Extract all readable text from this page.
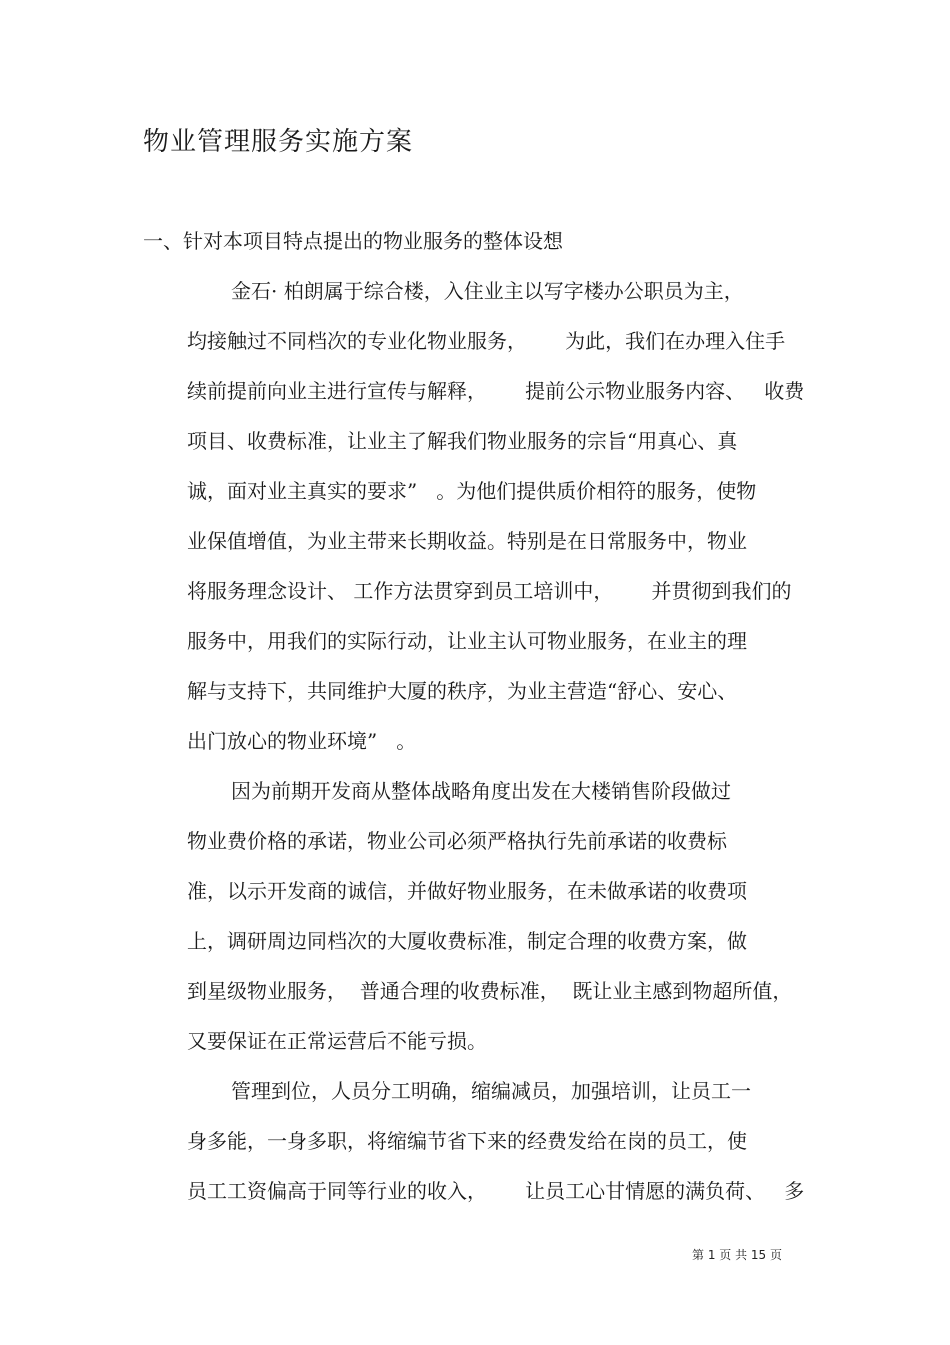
物业管理服务实施方案
一、针对本项目特点提出的物业服务的整体设想
金石· 柏朗属于综合楼，入住业主以写字楼办公职员为主，
均接触过不同档次的专业化物业服务，      为此，我们在办理入住手
续前提前向业主进行宣传与解释，      提前公示物业服务内容、   收费
项目、收费标准，让业主了解我们物业服务的宗旨“用真心、真
诚，面对业主真实的要求”   。为他们提供质价相符的服务，使物
业保值增值，为业主带来长期收益。特别是在日常服务中，物业
将服务理念设计、 工作方法贯穿到员工培训中，      并贯彻到我们的
服务中，用我们的实际行动，让业主认可物业服务，在业主的理
解与支持下，共同维护大厦的秩序，为业主营造“舒心、安心、
出门放心的物业环境”   。
因为前期开发商从整体战略角度出发在大楼销售阶段做过
物业费价格的承诺，物业公司必须严格执行先前承诺的收费标
准，以示开发商的诚信，并做好物业服务，在未做承诺的收费项
上，调研周边同档次的大厦收费标准，制定合理的收费方案，做
到星级物业服务，  普通合理的收费标准，  既让业主感到物超所值，
又要保证在正常运营后不能亏损。
管理到位，人员分工明确，缩编减员，加强培训，让员工一
身多能，一身多职，将缩编节省下来的经费发给在岗的员工，使
员工工资偏高于同等行业的收入，      让员工心甘情愿的满负荷、   多
第 1 页 共 15 页
